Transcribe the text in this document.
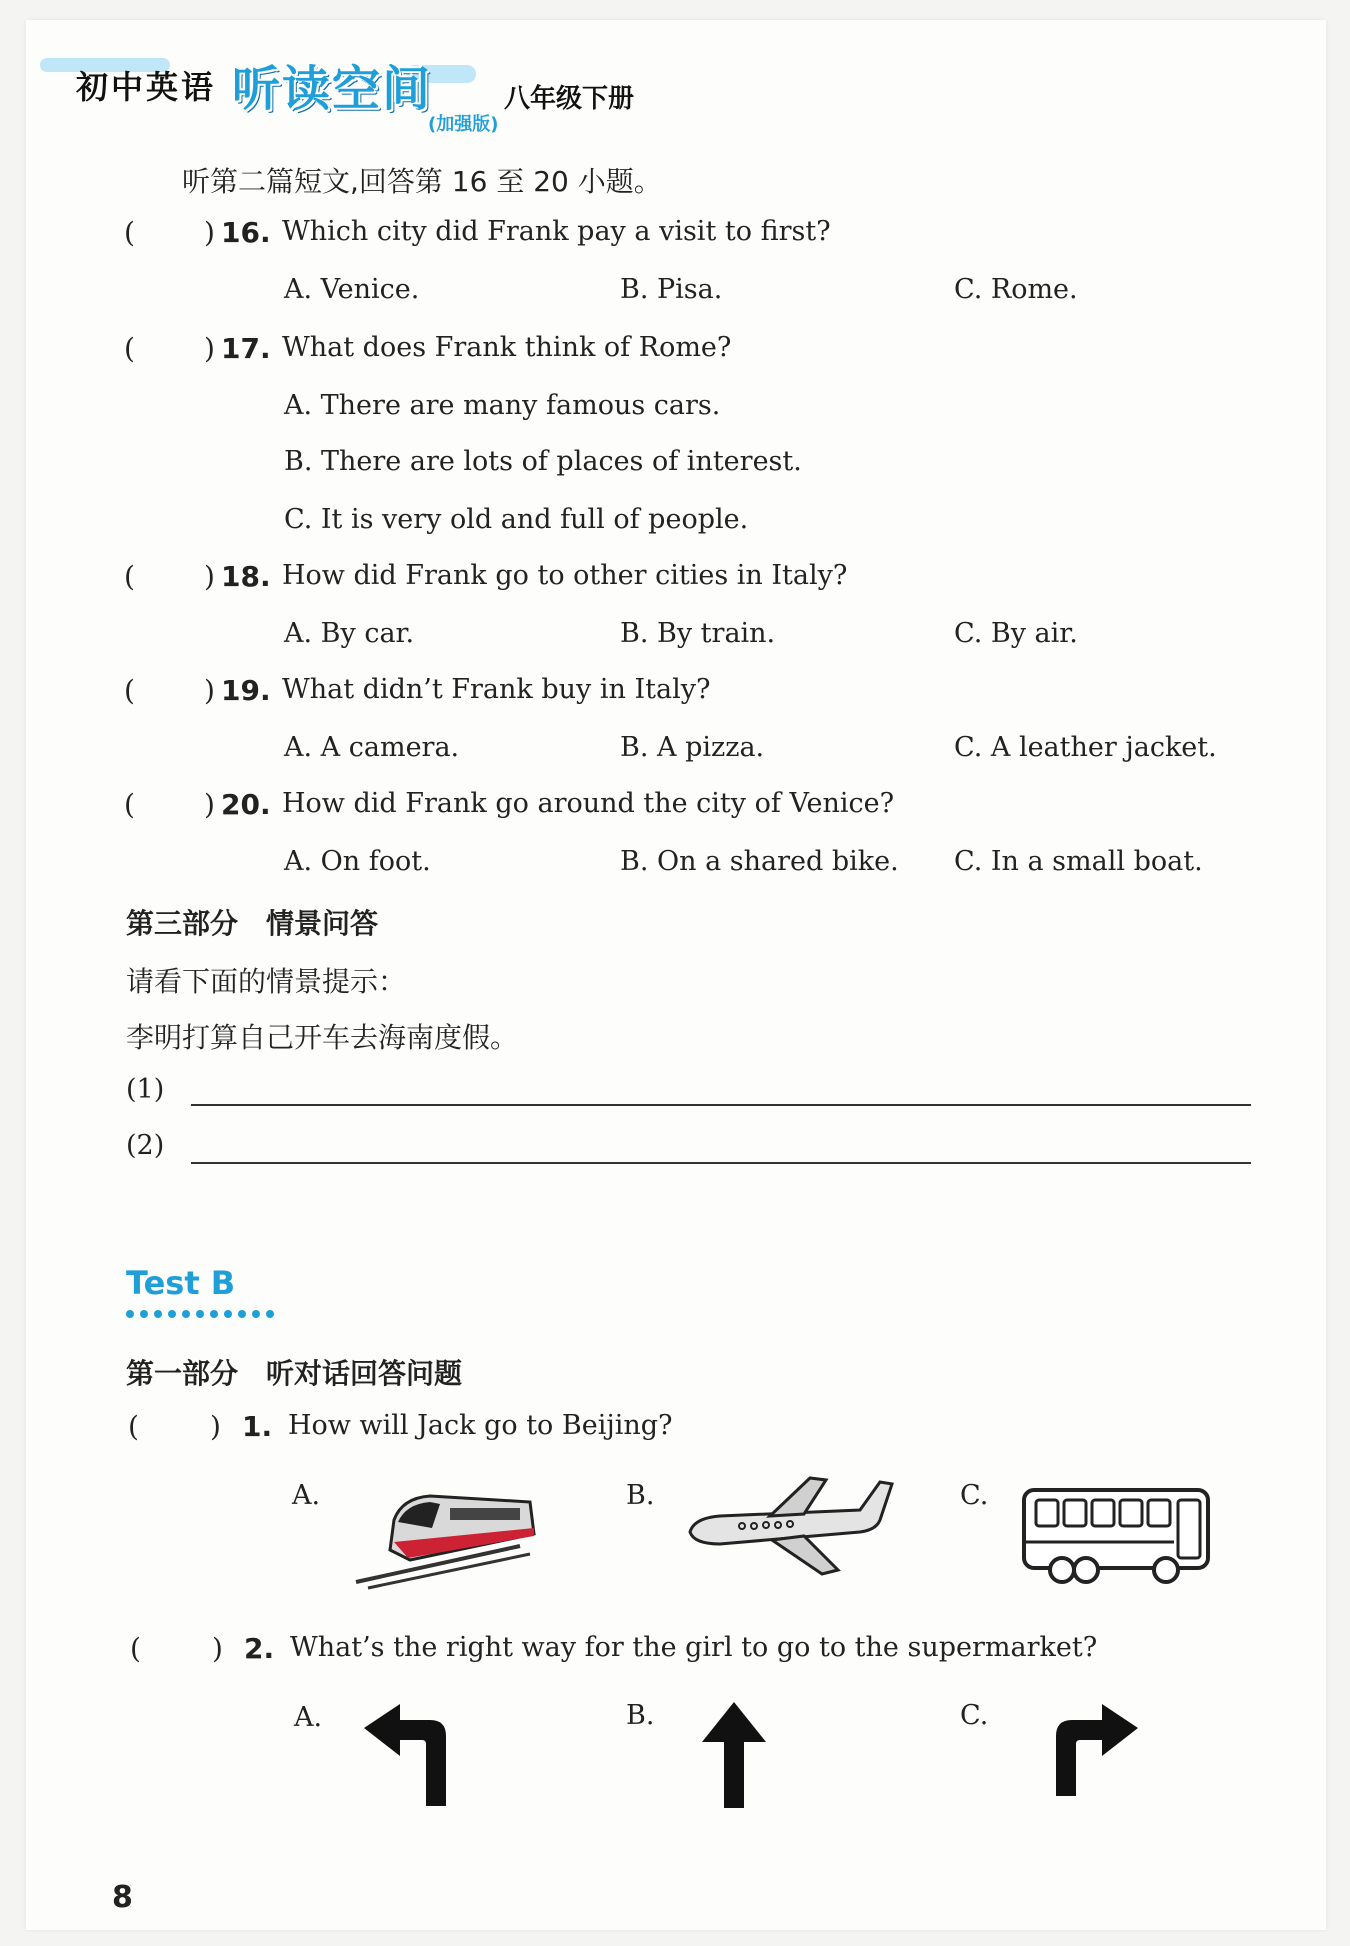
初中英语 听读空间
(加强版)
八年级下册
听第二篇短文,回答第 16 至 20 小题。
( ) 16. Which city did Frank pay a visit to first?
A. Venice.	B. Pisa.	C. Rome.
( ) 17. What does Frank think of Rome?
A. There are many famous cars.
B. There are lots of places of interest.
C. It is very old and full of people.
( ) 18. How did Frank go to other cities in Italy?
A. By car.	B. By train.	C. By air.
( ) 19. What didn’t Frank buy in Italy?
A. A camera.	B. A pizza.	C. A leather jacket.
( ) 20. How did Frank go around the city of Venice?
A. On foot.	B. On a shared bike. C. In a small boat.
第三部分　情景问答
请看下面的情景提示：
李明打算自己开车去海南度假。
(1)
(2)
Test B
第一部分　听对话回答问题
(	) 1. How will Jack go to Beijing?
A.	B.	C.
(	) 2. What’s the right way for the girl to go to the supermarket?
A.	B.	C.
8
